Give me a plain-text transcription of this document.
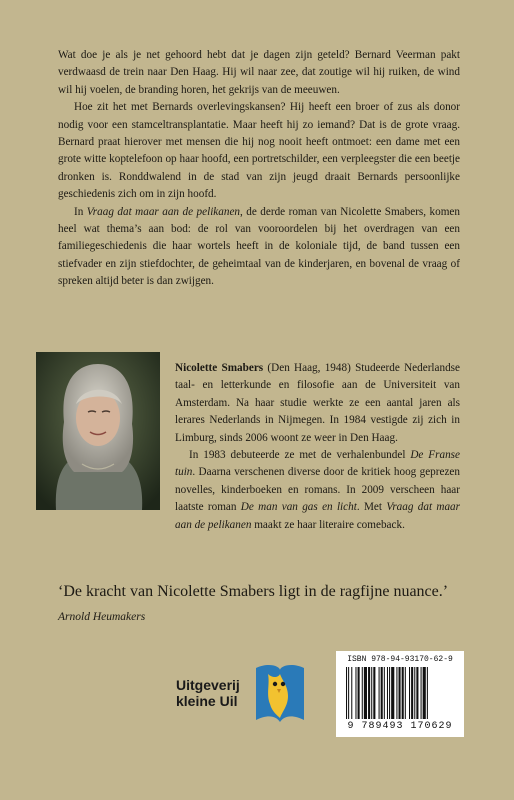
Wat doe je als je net gehoord hebt dat je dagen zijn geteld? Bernard Veerman pakt verdwaasd de trein naar Den Haag. Hij wil naar zee, dat zoutige wil hij ruiken, de wind wil hij voelen, de branding horen, het gekrijs van de meeuwen.

Hoe zit het met Bernards overlevingskansen? Hij heeft een broer of zus als donor nodig voor een stamceltransplantatie. Maar heeft hij zo iemand? Dat is de grote vraag. Bernard praat hierover met mensen die hij nog nooit heeft ontmoet: een dame met een grote witte koptelefoon op haar hoofd, een portretschilder, een verpleegster die een beetje dronken is. Ronddwalend in de stad van zijn jeugd draait Bernards persoonlijke geschiedenis zich om in zijn hoofd.

In Vraag dat maar aan de pelikanen, de derde roman van Nicolette Smabers, komen heel wat thema’s aan bod: de rol van vooroordelen bij het overdragen van een familiegeschiedenis die haar wortels heeft in de koloniale tijd, de band tussen een stiefvader en zijn stiefdochter, de geheimtaal van de kinderjaren, en bovenal de vraag of spreken altijd beter is dan zwijgen.

Nicolette Smabers (Den Haag, 1948) Studeerde Nederlandse taal- en letterkunde en filosofie aan de Universiteit van Amsterdam. Na haar studie werkte ze een aantal jaren als lerares Nederlands in Nijmegen. In 1984 vestigde zij zich in Limburg, sinds 2006 woont ze weer in Den Haag.

In 1983 debuteerde ze met de verhalenbundel De Franse tuin. Daarna verschenen diverse door de kritiek hoog geprezen novelles, kinderboeken en romans. In 2009 verscheen haar laatste roman De man van gas en licht. Met Vraag dat maar aan de pelikanen maakt ze haar literaire comeback.

‘De kracht van Nicolette Smabers ligt in de ragfijne nuance.’ Arnold Heumakers
Uitgeverij
kleine Uil
ISBN 978-94-93170-62-9
9 789493 170629
